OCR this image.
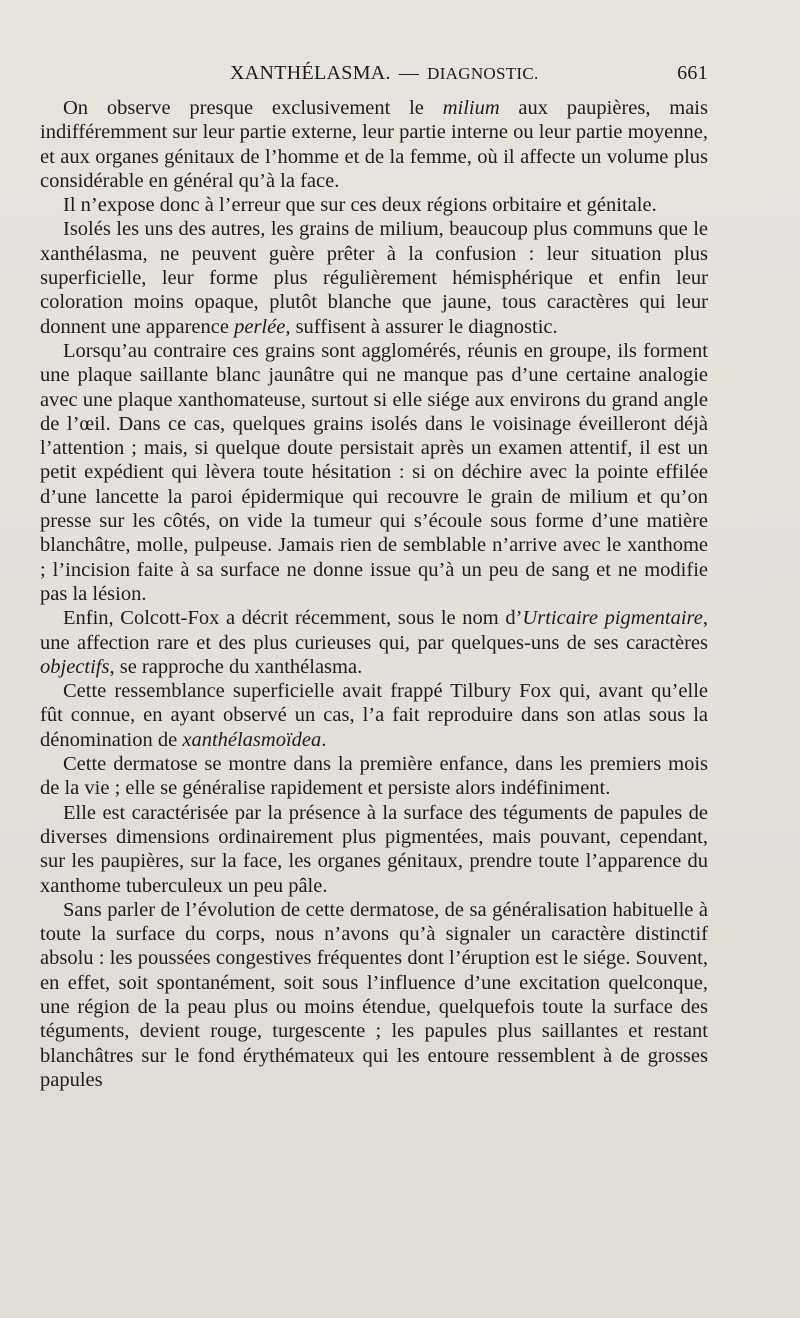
XANTHÉLASMA. — DIAGNOSTIC.	661

On observe presque exclusivement le milium aux paupières, mais indifféremment sur leur partie externe, leur partie interne ou leur partie moyenne, et aux organes génitaux de l’homme et de la femme, où il affecte un volume plus considérable en général qu’à la face.

Il n’expose donc à l’erreur que sur ces deux régions orbitaire et génitale.

Isolés les uns des autres, les grains de milium, beaucoup plus communs que le xanthélasma, ne peuvent guère prêter à la confusion : leur situation plus superficielle, leur forme plus régulièrement hémisphérique et enfin leur coloration moins opaque, plutôt blanche que jaune, tous caractères qui leur donnent une apparence perlée, suffisent à assurer le diagnostic.

Lorsqu’au contraire ces grains sont agglomérés, réunis en groupe, ils forment une plaque saillante blanc jaunâtre qui ne manque pas d’une certaine analogie avec une plaque xanthomateuse, surtout si elle siége aux environs du grand angle de l’œil. Dans ce cas, quelques grains isolés dans le voisinage éveilleront déjà l’attention ; mais, si quelque doute persistait après un examen attentif, il est un petit expédient qui lèvera toute hésitation : si on déchire avec la pointe effilée d’une lancette la paroi épidermique qui recouvre le grain de milium et qu’on presse sur les côtés, on vide la tumeur qui s’écoule sous forme d’une matière blanchâtre, molle, pulpeuse. Jamais rien de semblable n’arrive avec le xanthome ; l’incision faite à sa surface ne donne issue qu’à un peu de sang et ne modifie pas la lésion.

Enfin, Colcott-Fox a décrit récemment, sous le nom d’Urticaire pigmentaire, une affection rare et des plus curieuses qui, par quelques-uns de ses caractères objectifs, se rapproche du xanthélasma.

Cette ressemblance superficielle avait frappé Tilbury Fox qui, avant qu’elle fût connue, en ayant observé un cas, l’a fait reproduire dans son atlas sous la dénomination de xanthélasmoïdea.

Cette dermatose se montre dans la première enfance, dans les premiers mois de la vie ; elle se généralise rapidement et persiste alors indéfiniment.

Elle est caractérisée par la présence à la surface des téguments de papules de diverses dimensions ordinairement plus pigmentées, mais pouvant, cependant, sur les paupières, sur la face, les organes génitaux, prendre toute l’apparence du xanthome tuberculeux un peu pâle.

Sans parler de l’évolution de cette dermatose, de sa généralisation habituelle à toute la surface du corps, nous n’avons qu’à signaler un caractère distinctif absolu : les poussées congestives fréquentes dont l’éruption est le siége. Souvent, en effet, soit spontanément, soit sous l’influence d’une excitation quelconque, une région de la peau plus ou moins étendue, quelquefois toute la surface des téguments, devient rouge, turgescente ; les papules plus saillantes et restant blanchâtres sur le fond érythémateux qui les entoure ressemblent à de grosses papules
